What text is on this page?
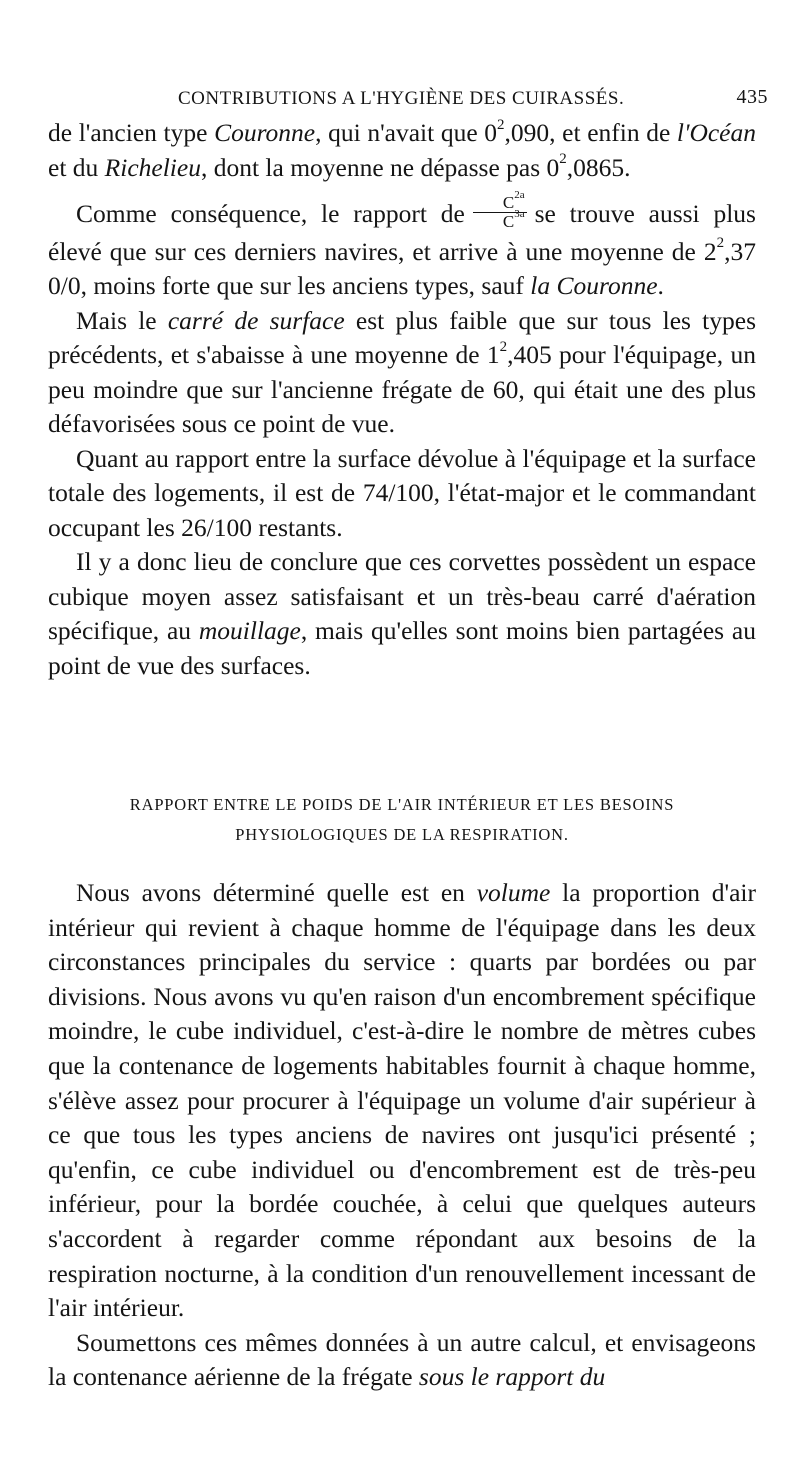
CONTRIBUTIONS A L'HYGIÈNE DES CUIRASSÉS.	435

de l'ancien type Couronne, qui n'avait que $0^2,090$, et enfin de l'Océan et du Richelieu, dont la moyenne ne dépasse pas $0^2,0865$.

Comme conséquence, le rapport de $\frac{C^{2a}}{C^{3a}}$ se trouve aussi plus élevé que sur ces derniers navires, et arrive à une moyenne de $2^2,37$ 0/0, moins forte que sur les anciens types, sauf la Couronne.

Mais le carré de surface est plus faible que sur tous les types précédents, et s'abaisse à une moyenne de $1^2,405$ pour l'équipage, un peu moindre que sur l'ancienne frégate de 60, qui était une des plus défavorisées sous ce point de vue.

Quant au rapport entre la surface dévolue à l'équipage et la surface totale des logements, il est de 74/100, l'état-major et le commandant occupant les 26/100 restants.

Il y a donc lieu de conclure que ces corvettes possèdent un espace cubique moyen assez satisfaisant et un très-beau carré d'aération spécifique, au mouillage, mais qu'elles sont moins bien partagées au point de vue des surfaces.

RAPPORT ENTRE LE POIDS DE L'AIR INTÉRIEUR ET LES BESOINS
PHYSIOLOGIQUES DE LA RESPIRATION.

Nous avons déterminé quelle est en volume la proportion d'air intérieur qui revient à chaque homme de l'équipage dans les deux circonstances principales du service : quarts par bordées ou par divisions. Nous avons vu qu'en raison d'un encombrement spécifique moindre, le cube individuel, c'est-à-dire le nombre de mètres cubes que la contenance de logements habitables fournit à chaque homme, s'élève assez pour procurer à l'équipage un volume d'air supérieur à ce que tous les types anciens de navires ont jusqu'ici présenté ; qu'enfin, ce cube individuel ou d'encombrement est de très-peu inférieur, pour la bordée couchée, à celui que quelques auteurs s'accordent à regarder comme répondant aux besoins de la respiration nocturne, à la condition d'un renouvellement incessant de l'air intérieur.

Soumettons ces mêmes données à un autre calcul, et envisageons la contenance aérienne de la frégate sous le rapport du
